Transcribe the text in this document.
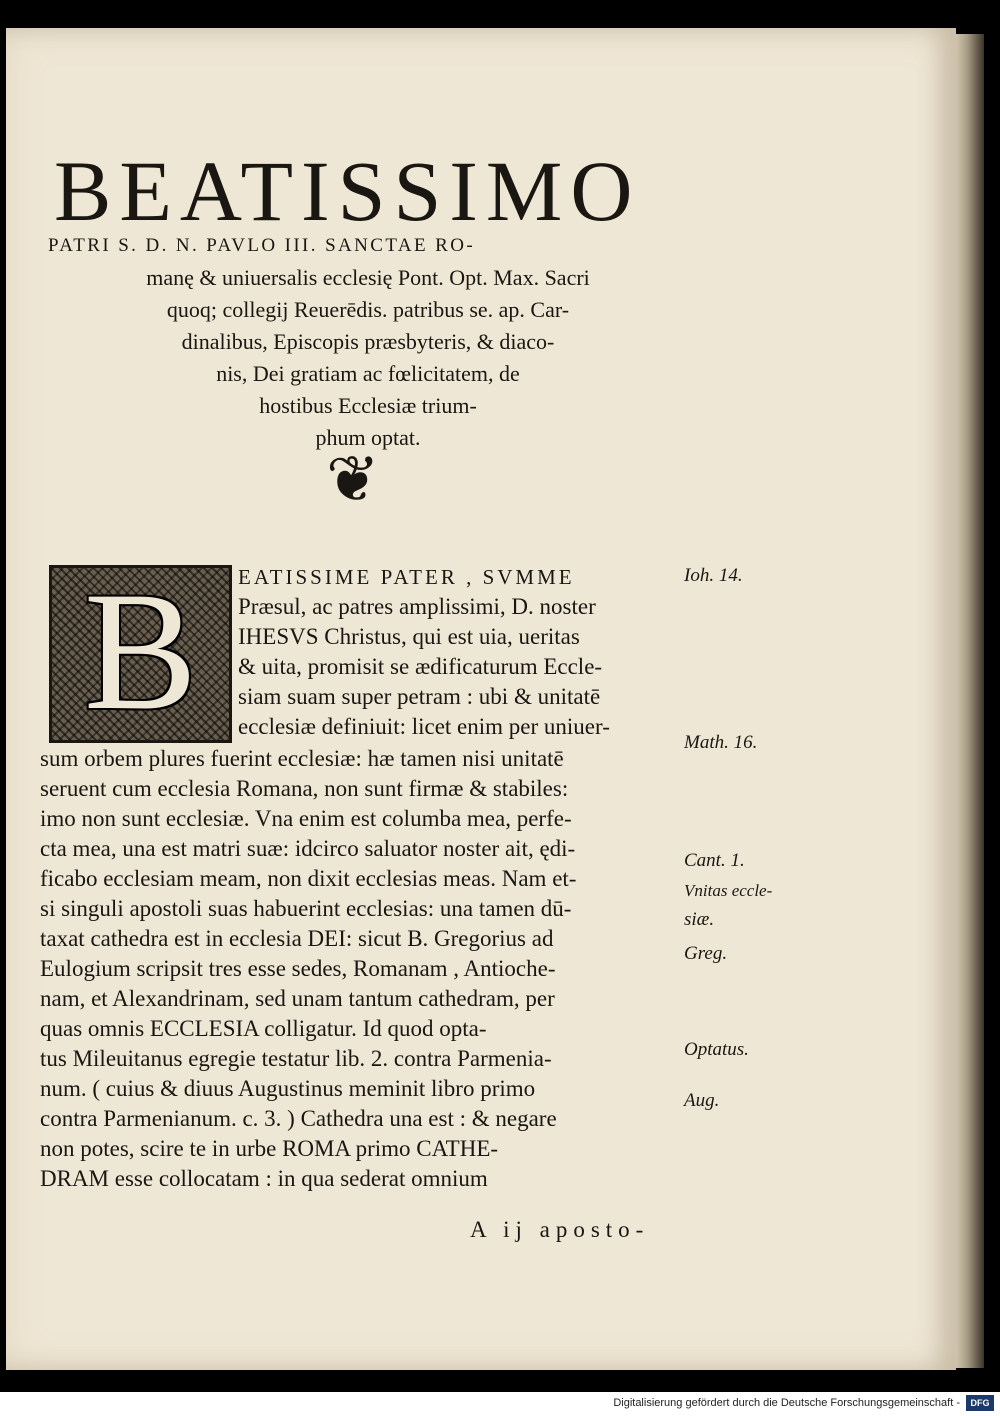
BEATISSIMO
PATRI S. D. N. PAVLO III. SANCTAE RO-
manę & uniuersalis ecclesię Pont. Opt. Max. Sacri
quoq; collegij Reuerēdis. patribus se. ap. Car-
dinalibus, Episcopis præsbyteris, & diaco-
nis, Dei gratiam ac fœlicitatem, de
hostibus Ecclesiæ trium-
phum optat.
❦
B EATISSIME PATER , SVMME
Præsul, ac patres amplissimi, D. noster
IHESVS Christus, qui est uia, ueritas
& uita, promisit se ædificaturum Eccle-
siam suam super petram : ubi & unitatē
ecclesiæ definiuit: licet enim per uniuer-
sum orbem plures fuerint ecclesiæ: hæ tamen nisi unitatē
seruent cum ecclesia Romana, non sunt firmæ & stabiles:
imo non sunt ecclesiæ. Vna enim est columba mea, perfe-
cta mea, una est matri suæ: idcirco saluator noster ait, ędi-
ficabo ecclesiam meam, non dixit ecclesias meas. Nam et-
si singuli apostoli suas habuerint ecclesias: una tamen dū-
taxat cathedra est in ecclesia DEI: sicut B. Gregorius ad
Eulogium scripsit tres esse sedes, Romanam , Antioche-
nam, et Alexandrinam, sed unam tantum cathedram, per
quas omnis ECCLESIA colligatur. Id quod opta-
tus Mileuitanus egregie testatur lib. 2. contra Parmenia-
num. ( cuius & diuus Augustinus meminit libro primo
contra Parmenianum. c. 3. ) Cathedra una est : & negare
non potes, scire te in urbe ROMA primo CATHE-
DRAM esse collocatam : in qua sederat omnium
A ij aposto-
Ioh. 14.
Math. 16.
Cant. 1.
Vnitas eccle-
siæ.
Greg.
Optatus.
Aug.
Digitalisierung gefördert durch die Deutsche Forschungsgemeinschaft -	DFG
